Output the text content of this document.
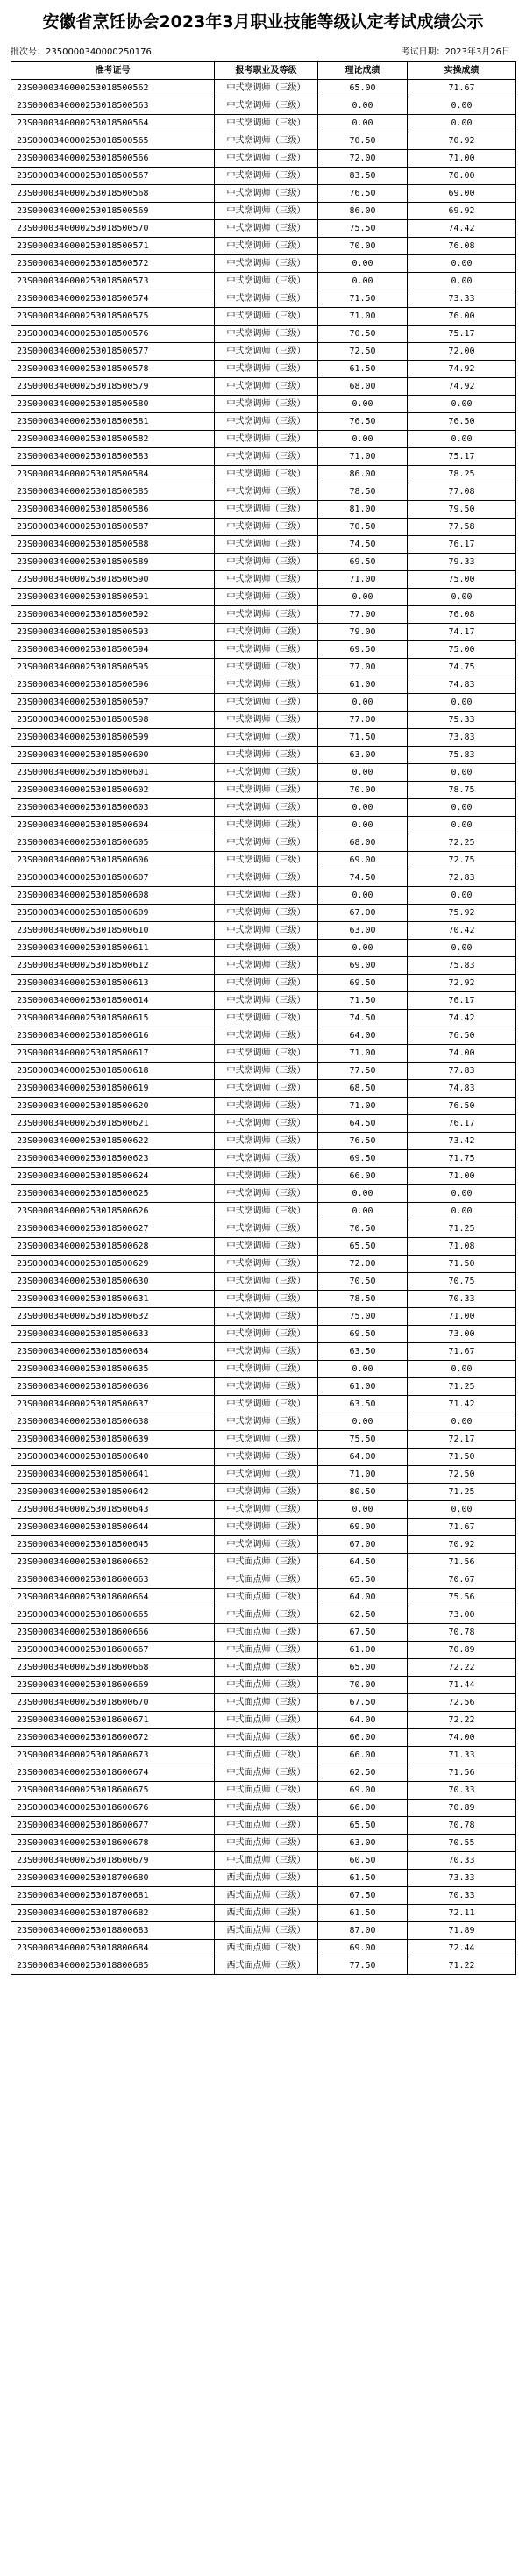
安徽省烹饪协会2023年3月职业技能等级认定考试成绩公示
批次号：2350000340000250176	考试日期：2023年3月26日
准考证号	报考职业及等级	理论成绩	实操成绩
23S0000340000253018500562	中式烹调师（三级）	65.00	71.67
23S0000340000253018500563	中式烹调师（三级）	0.00	0.00
23S0000340000253018500564	中式烹调师（三级）	0.00	0.00
23S0000340000253018500565	中式烹调师（三级）	70.50	70.92
23S0000340000253018500566	中式烹调师（三级）	72.00	71.00
23S0000340000253018500567	中式烹调师（三级）	83.50	70.00
23S0000340000253018500568	中式烹调师（三级）	76.50	69.00
23S0000340000253018500569	中式烹调师（三级）	86.00	69.92
23S0000340000253018500570	中式烹调师（三级）	75.50	74.42
23S0000340000253018500571	中式烹调师（三级）	70.00	76.08
23S0000340000253018500572	中式烹调师（三级）	0.00	0.00
23S0000340000253018500573	中式烹调师（三级）	0.00	0.00
23S0000340000253018500574	中式烹调师（三级）	71.50	73.33
23S0000340000253018500575	中式烹调师（三级）	71.00	76.00
23S0000340000253018500576	中式烹调师（三级）	70.50	75.17
23S0000340000253018500577	中式烹调师（三级）	72.50	72.00
23S0000340000253018500578	中式烹调师（三级）	61.50	74.92
23S0000340000253018500579	中式烹调师（三级）	68.00	74.92
23S0000340000253018500580	中式烹调师（三级）	0.00	0.00
23S0000340000253018500581	中式烹调师（三级）	76.50	76.50
23S0000340000253018500582	中式烹调师（三级）	0.00	0.00
23S0000340000253018500583	中式烹调师（三级）	71.00	75.17
23S0000340000253018500584	中式烹调师（三级）	86.00	78.25
23S0000340000253018500585	中式烹调师（三级）	78.50	77.08
23S0000340000253018500586	中式烹调师（三级）	81.00	79.50
23S0000340000253018500587	中式烹调师（三级）	70.50	77.58
23S0000340000253018500588	中式烹调师（三级）	74.50	76.17
23S0000340000253018500589	中式烹调师（三级）	69.50	79.33
23S0000340000253018500590	中式烹调师（三级）	71.00	75.00
23S0000340000253018500591	中式烹调师（三级）	0.00	0.00
23S0000340000253018500592	中式烹调师（三级）	77.00	76.08
23S0000340000253018500593	中式烹调师（三级）	79.00	74.17
23S0000340000253018500594	中式烹调师（三级）	69.50	75.00
23S0000340000253018500595	中式烹调师（三级）	77.00	74.75
23S0000340000253018500596	中式烹调师（三级）	61.00	74.83
23S0000340000253018500597	中式烹调师（三级）	0.00	0.00
23S0000340000253018500598	中式烹调师（三级）	77.00	75.33
23S0000340000253018500599	中式烹调师（三级）	71.50	73.83
23S0000340000253018500600	中式烹调师（三级）	63.00	75.83
23S0000340000253018500601	中式烹调师（三级）	0.00	0.00
23S0000340000253018500602	中式烹调师（三级）	70.00	78.75
23S0000340000253018500603	中式烹调师（三级）	0.00	0.00
23S0000340000253018500604	中式烹调师（三级）	0.00	0.00
23S0000340000253018500605	中式烹调师（三级）	68.00	72.25
23S0000340000253018500606	中式烹调师（三级）	69.00	72.75
23S0000340000253018500607	中式烹调师（三级）	74.50	72.83
23S0000340000253018500608	中式烹调师（三级）	0.00	0.00
23S0000340000253018500609	中式烹调师（三级）	67.00	75.92
23S0000340000253018500610	中式烹调师（三级）	63.00	70.42
23S0000340000253018500611	中式烹调师（三级）	0.00	0.00
23S0000340000253018500612	中式烹调师（三级）	69.00	75.83
23S0000340000253018500613	中式烹调师（三级）	69.50	72.92
23S0000340000253018500614	中式烹调师（三级）	71.50	76.17
23S0000340000253018500615	中式烹调师（三级）	74.50	74.42
23S0000340000253018500616	中式烹调师（三级）	64.00	76.50
23S0000340000253018500617	中式烹调师（三级）	71.00	74.00
23S0000340000253018500618	中式烹调师（三级）	77.50	77.83
23S0000340000253018500619	中式烹调师（三级）	68.50	74.83
23S0000340000253018500620	中式烹调师（三级）	71.00	76.50
23S0000340000253018500621	中式烹调师（三级）	64.50	76.17
23S0000340000253018500622	中式烹调师（三级）	76.50	73.42
23S0000340000253018500623	中式烹调师（三级）	69.50	71.75
23S0000340000253018500624	中式烹调师（三级）	66.00	71.00
23S0000340000253018500625	中式烹调师（三级）	0.00	0.00
23S0000340000253018500626	中式烹调师（三级）	0.00	0.00
23S0000340000253018500627	中式烹调师（三级）	70.50	71.25
23S0000340000253018500628	中式烹调师（三级）	65.50	71.08
23S0000340000253018500629	中式烹调师（三级）	72.00	71.50
23S0000340000253018500630	中式烹调师（三级）	70.50	70.75
23S0000340000253018500631	中式烹调师（三级）	78.50	70.33
23S0000340000253018500632	中式烹调师（三级）	75.00	71.00
23S0000340000253018500633	中式烹调师（三级）	69.50	73.00
23S0000340000253018500634	中式烹调师（三级）	63.50	71.67
23S0000340000253018500635	中式烹调师（三级）	0.00	0.00
23S0000340000253018500636	中式烹调师（三级）	61.00	71.25
23S0000340000253018500637	中式烹调师（三级）	63.50	71.42
23S0000340000253018500638	中式烹调师（三级）	0.00	0.00
23S0000340000253018500639	中式烹调师（三级）	75.50	72.17
23S0000340000253018500640	中式烹调师（三级）	64.00	71.50
23S0000340000253018500641	中式烹调师（三级）	71.00	72.50
23S0000340000253018500642	中式烹调师（三级）	80.50	71.25
23S0000340000253018500643	中式烹调师（三级）	0.00	0.00
23S0000340000253018500644	中式烹调师（三级）	69.00	71.67
23S0000340000253018500645	中式烹调师（三级）	67.00	70.92
23S0000340000253018600662	中式面点师（三级）	64.50	71.56
23S0000340000253018600663	中式面点师（三级）	65.50	70.67
23S0000340000253018600664	中式面点师（三级）	64.00	75.56
23S0000340000253018600665	中式面点师（三级）	62.50	73.00
23S0000340000253018600666	中式面点师（三级）	67.50	70.78
23S0000340000253018600667	中式面点师（三级）	61.00	70.89
23S0000340000253018600668	中式面点师（三级）	65.00	72.22
23S0000340000253018600669	中式面点师（三级）	70.00	71.44
23S0000340000253018600670	中式面点师（三级）	67.50	72.56
23S0000340000253018600671	中式面点师（三级）	64.00	72.22
23S0000340000253018600672	中式面点师（三级）	66.00	74.00
23S0000340000253018600673	中式面点师（三级）	66.00	71.33
23S0000340000253018600674	中式面点师（三级）	62.50	71.56
23S0000340000253018600675	中式面点师（三级）	69.00	70.33
23S0000340000253018600676	中式面点师（三级）	66.00	70.89
23S0000340000253018600677	中式面点师（三级）	65.50	70.78
23S0000340000253018600678	中式面点师（三级）	63.00	70.55
23S0000340000253018600679	中式面点师（三级）	60.50	70.33
23S0000340000253018700680	西式面点师（三级）	61.50	73.33
23S0000340000253018700681	西式面点师（三级）	67.50	70.33
23S0000340000253018700682	西式面点师（三级）	61.50	72.11
23S0000340000253018800683	西式面点师（三级）	87.00	71.89
23S0000340000253018800684	西式面点师（三级）	69.00	72.44
23S0000340000253018800685	西式面点师（三级）	77.50	71.22
